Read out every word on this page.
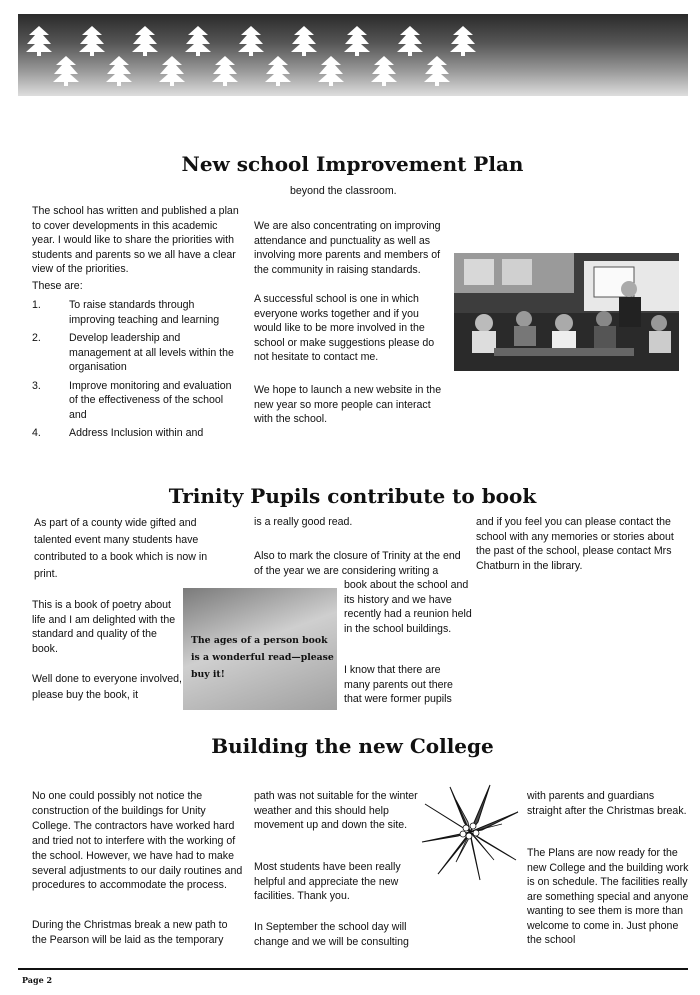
New school Improvement Plan

The school has written and published a plan to cover developments in this academic year. I would like to share the priorities with students and parents so we all have a clear view of the priorities.

These are:

1.	To raise standards through improving teaching and learning
2.	Develop leadership and management at all levels within the organisation
3.	Improve monitoring and evaluation of the effectiveness of the school and
4.	Address Inclusion within and

beyond the classroom.

We are also concentrating on improving attendance and punctuality as well as involving more parents and members of the community in raising standards.

A successful school is one in which everyone works together and if you would like to be more involved in the school or make suggestions please do not hesitate to contact me.

We hope to launch a new website in the new year so more people can interact with the school.

Trinity Pupils contribute to book

As part of a county wide gifted and talented event many students have contributed to a book which is now in print.

This is a book of poetry about life and I am delighted with the standard and quality of the book.

Well done to everyone involved, please buy the book, it

The ages of a person book is a wonderful read—please buy it!

is a really good read.

Also to mark the closure of Trinity at the end of the year we are considering writing a

book about the school and its history and we have recently had a reunion held in the school buildings.

I know that there are many parents out there that were former pupils

and if you feel you can please contact the school with any memories or stories about the past of the school, please contact Mrs Chatburn in the library.

Building the new College

No one could possibly not notice the construction of the buildings for Unity College. The contractors have worked hard and tried not to interfere with the working of the school. However, we have had to make several adjustments to our daily routines and procedures to accommodate the process.

During the Christmas break a new path to the Pearson will be laid as the temporary

path was not suitable for the winter weather and this should help movement up and down the site.

Most students have been really helpful and appreciate the new facilities. Thank you.

In September the school day will change and we will be consulting

with parents and guardians straight after the Christmas break.

The Plans are now ready for the new College and the building work is on schedule. The facilities really are something special and anyone wanting to see them is more than welcome to come in. Just phone the school

Page 2
